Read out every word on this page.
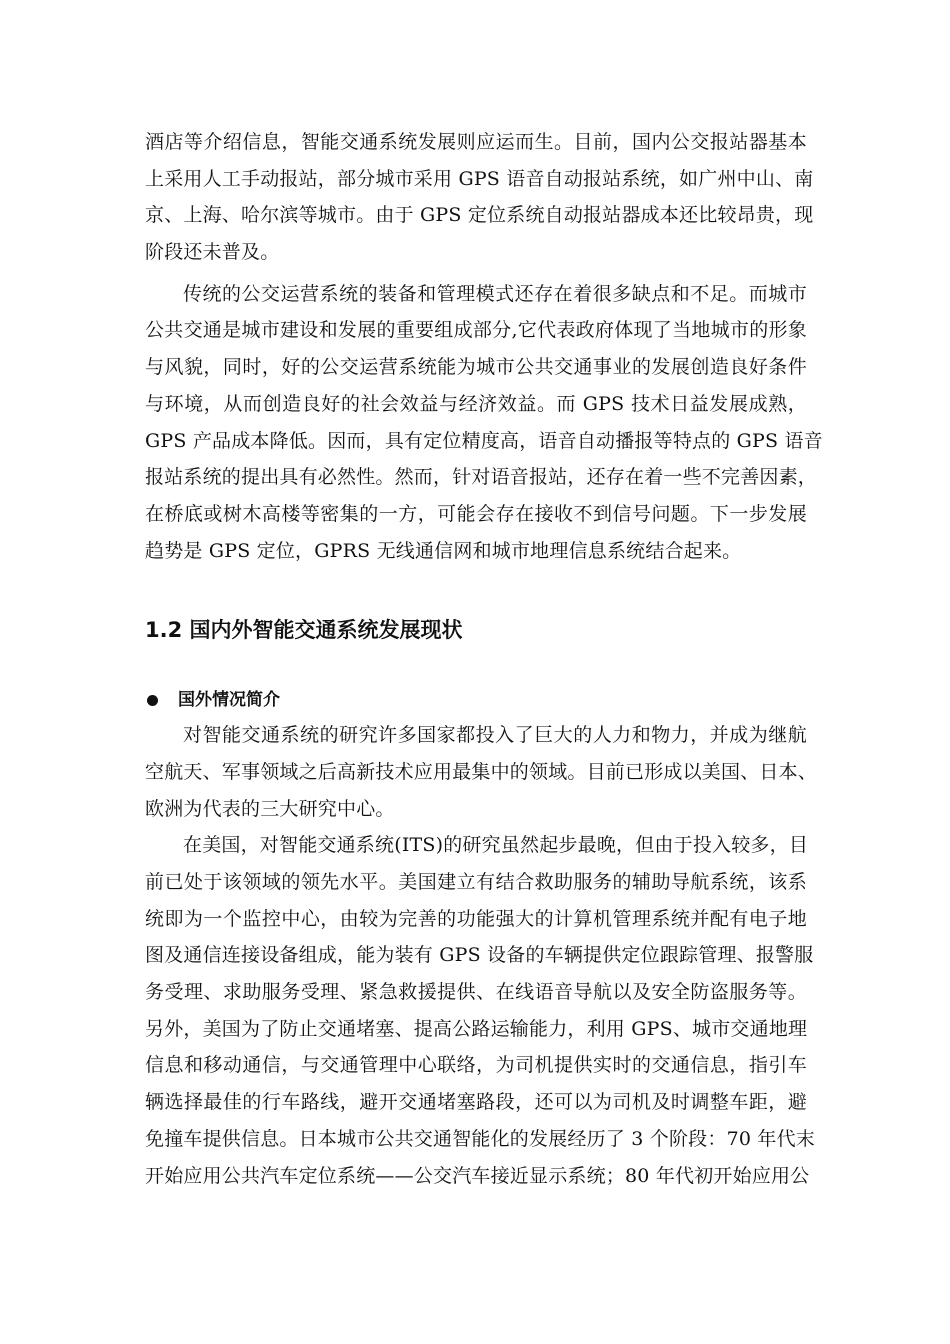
酒店等介绍信息，智能交通系统发展则应运而生。目前，国内公交报站器基本
上采用人工手动报站，部分城市采用 GPS 语音自动报站系统，如广州中山、南
京、上海、哈尔滨等城市。由于 GPS 定位系统自动报站器成本还比较昂贵，现
阶段还未普及。
传统的公交运营系统的装备和管理模式还存在着很多缺点和不足。而城市
公共交通是城市建设和发展的重要组成部分,它代表政府体现了当地城市的形象
与风貌，同时，好的公交运营系统能为城市公共交通事业的发展创造良好条件
与环境，从而创造良好的社会效益与经济效益。而 GPS 技术日益发展成熟，
GPS 产品成本降低。因而，具有定位精度高，语音自动播报等特点的 GPS 语音
报站系统的提出具有必然性。然而，针对语音报站，还存在着一些不完善因素，
在桥底或树木高楼等密集的一方，可能会存在接收不到信号问题。下一步发展
趋势是 GPS 定位，GPRS 无线通信网和城市地理信息系统结合起来。
1.2 国内外智能交通系统发展现状
国外情况简介
对智能交通系统的研究许多国家都投入了巨大的人力和物力，并成为继航
空航天、军事领域之后高新技术应用最集中的领域。目前已形成以美国、日本、
欧洲为代表的三大研究中心。
在美国，对智能交通系统(ITS)的研究虽然起步最晚，但由于投入较多，目
前已处于该领域的领先水平。美国建立有结合救助服务的辅助导航系统，该系
统即为一个监控中心，由较为完善的功能强大的计算机管理系统并配有电子地
图及通信连接设备组成，能为装有 GPS 设备的车辆提供定位跟踪管理、报警服
务受理、求助服务受理、紧急救援提供、在线语音导航以及安全防盗服务等。
另外，美国为了防止交通堵塞、提高公路运输能力，利用 GPS、城市交通地理
信息和移动通信，与交通管理中心联络，为司机提供实时的交通信息，指引车
辆选择最佳的行车路线，避开交通堵塞路段，还可以为司机及时调整车距，避
免撞车提供信息。日本城市公共交通智能化的发展经历了 3 个阶段：70 年代末
开始应用公共汽车定位系统——公交汽车接近显示系统；80 年代初开始应用公
